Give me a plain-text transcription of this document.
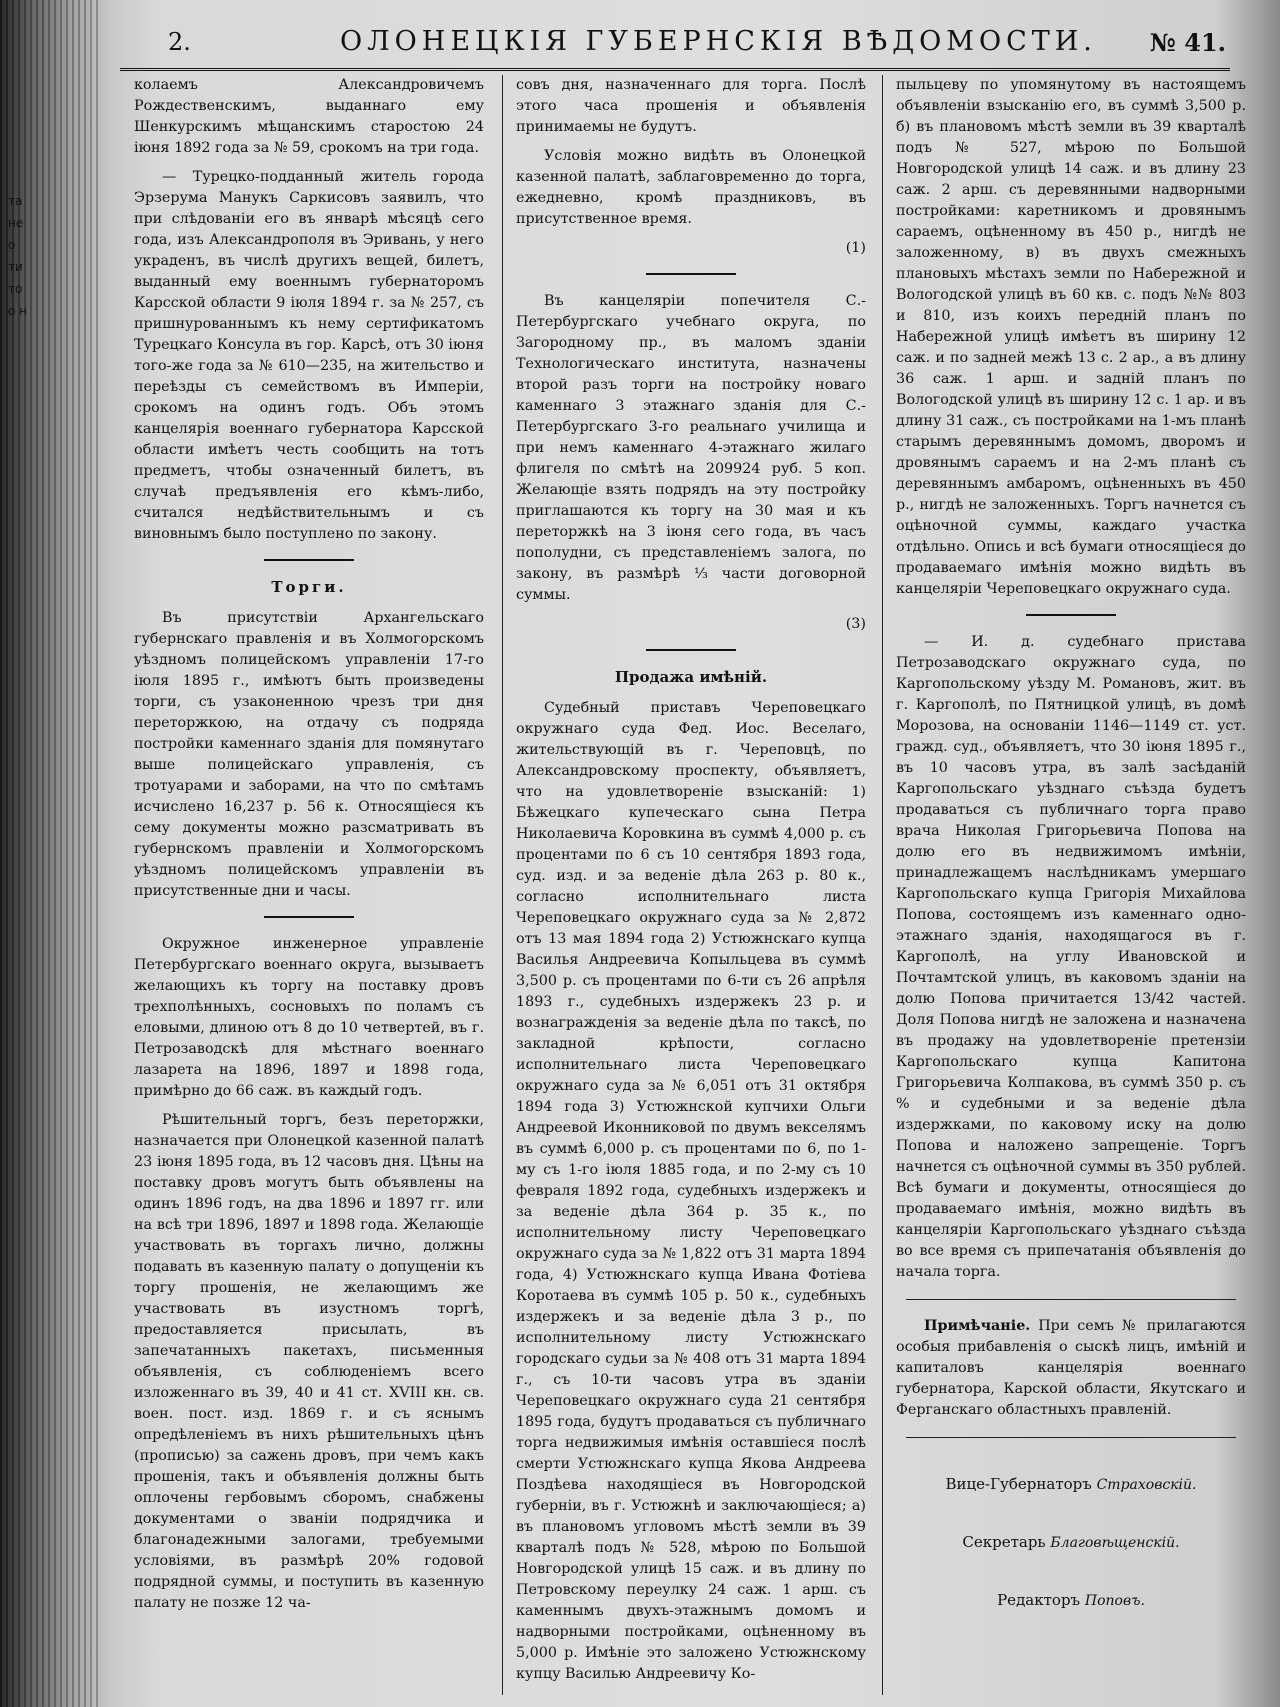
та не о ти то о н
2.	ОЛОНЕЦКІЯ ГУБЕРНСКІЯ ВѢДОМОСТИ. № 41.

колаемъ Александровичемъ Рождественскимъ, выданнаго ему Шенкурскимъ мѣщанскимъ старостою 24 іюня 1892 года за № 59, срокомъ на три года.

— Турецко-подданный житель города Эрзерума Манукъ Саркисовъ заявилъ, что при слѣдованіи его въ январѣ мѣсяцѣ сего года, изъ Александрополя въ Эривань, у него украденъ, въ числѣ другихъ вещей, билетъ, выданный ему военнымъ губернаторомъ Карсской области 9 іюля 1894 г. за № 257, съ пришнурованнымъ къ нему сертификатомъ Турецкаго Консула въ гор. Карсѣ, отъ 30 іюня того-же года за № 610—235, на жительство и переѣзды съ семействомъ въ Имперіи, срокомъ на одинъ годъ. Объ этомъ канцелярія военнаго губернатора Карсской области имѣетъ честь сообщить на тотъ предметъ, чтобы означенный билетъ, въ случаѣ предъявленія его кѣмъ-либо, считался недѣйствительнымъ и съ виновнымъ было поступлено по закону.

Торги.

Въ присутствіи Архангельскаго губернскаго правленія и въ Холмогорскомъ уѣздномъ полицейскомъ управленіи 17-го іюля 1895 г., имѣютъ быть произведены торги, съ узаконенною чрезъ три дня переторжкою, на отдачу съ подряда постройки каменнаго зданія для помянутаго выше полицейскаго управленія, съ тротуарами и заборами, на что по смѣтамъ исчислено 16,237 р. 56 к. Относящіеся къ сему документы можно разсматривать въ губернскомъ правленіи и Холмогорскомъ уѣздномъ полицейскомъ управленіи въ присутственные дни и часы.

Окружное инженерное управленіе Петербургскаго военнаго округа, вызываетъ желающихъ къ торгу на поставку дровъ трехполѣнныхъ, сосновыхъ по поламъ съ еловыми, длиною отъ 8 до 10 четвертей, въ г. Петрозаводскѣ для мѣстнаго военнаго лазарета на 1896, 1897 и 1898 года, примѣрно до 66 саж. въ каждый годъ.

Рѣшительный торгъ, безъ переторжки, назначается при Олонецкой казенной палатѣ 23 іюня 1895 года, въ 12 часовъ дня. Цѣны на поставку дровъ могутъ быть объявлены на одинъ 1896 годъ, на два 1896 и 1897 гг. или на всѣ три 1896, 1897 и 1898 года. Желающіе участвовать въ торгахъ лично, должны подавать въ казенную палату о допущеніи къ торгу прошенія, не желающимъ же участвовать въ изустномъ торгѣ, предоставляется присылать, въ запечатанныхъ пакетахъ, письменныя объявленія, съ соблюденіемъ всего изложеннаго въ 39, 40 и 41 ст. XVIII кн. св. воен. пост. изд. 1869 г. и съ яснымъ опредѣленіемъ въ нихъ рѣшительныхъ цѣнъ (прописью) за сажень дровъ, при чемъ какъ прошенія, такъ и объявленія должны быть оплочены гербовымъ сборомъ, снабжены документами о званіи подрядчика и благонадежными залогами, требуемыми условіями, въ размѣрѣ 20% годовой подрядной суммы, и поступить въ казенную палату не позже 12 ча-

совъ дня, назначеннаго для торга. Послѣ этого часа прошенія и объявленія принимаемы не будутъ.

Условія можно видѣть въ Олонецкой казенной палатѣ, заблаговременно до торга, ежедневно, кромѣ праздниковъ, въ присутственное время.

(1)

Въ канцеляріи попечителя С.-Петербургскаго учебнаго округа, по Загородному пр., въ маломъ зданіи Технологическаго института, назначены второй разъ торги на постройку новаго каменнаго 3 этажнаго зданія для С.-Петербургскаго 3-го реальнаго училища и при немъ каменнаго 4-этажнаго жилаго флигеля по смѣтѣ на 209924 руб. 5 коп. Желающіе взять подрядъ на эту постройку приглашаются къ торгу на 30 мая и къ переторжкѣ на 3 іюня сего года, въ часъ пополудни, съ представленіемъ залога, по закону, въ размѣрѣ ⅓ части договорной суммы.

(3)
Продажа имѣній.

Судебный приставъ Череповецкаго окружнаго суда Фед. Иос. Веселаго, жительствующій въ г. Череповцѣ, по Александровскому проспекту, объявляетъ, что на удовлетвореніе взысканій: 1) Бѣжецкаго купеческаго сына Петра Николаевича Коровкина въ суммѣ 4,000 р. съ процентами по 6 съ 10 сентября 1893 года, суд. изд. и за веденіе дѣла 263 р. 80 к., согласно исполнительнаго листа Череповецкаго окружнаго суда за № 2,872 отъ 13 мая 1894 года 2) Устюжнскаго купца Василья Андреевича Копыльцева въ суммѣ 3,500 р. съ процентами по 6-ти съ 26 апрѣля 1893 г., судебныхъ издержекъ 23 р. и вознагражденія за веденіе дѣла по таксѣ, по закладной крѣпости, согласно исполнительнаго листа Череповецкаго окружнаго суда за № 6,051 отъ 31 октября 1894 года 3) Устюжнской купчихи Ольги Андреевой Иконниковой по двумъ векселямъ въ суммѣ 6,000 р. съ процентами по 6, по 1-му съ 1-го іюля 1885 года, и по 2-му съ 10 февраля 1892 года, судебныхъ издержекъ и за веденіе дѣла 364 р. 35 к., по исполнительному листу Череповецкаго окружнаго суда за № 1,822 отъ 31 марта 1894 года, 4) Устюжнскаго купца Ивана Фотіева Коротаева въ суммѣ 105 р. 50 к., судебныхъ издержекъ и за веденіе дѣла 3 р., по исполнительному листу Устюжнскаго городскаго судьи за № 408 отъ 31 марта 1894 г., съ 10-ти часовъ утра въ зданіи Череповецкаго окружнаго суда 21 сентября 1895 года, будутъ продаваться съ публичнаго торга недвижимыя имѣнія оставшіеся послѣ смерти Устюжнскаго купца Якова Андреева Поздѣева находящіеся въ Новгородской губерніи, въ г. Устюжнѣ и заключающіеся; а) въ плановомъ угловомъ мѣстѣ земли въ 39 кварталѣ подъ № 528, мѣрою по Большой Новгородской улицѣ 15 саж. и въ длину по Петровскому переулку 24 саж. 1 арш. съ каменнымъ двухъ-этажнымъ домомъ и надворными постройками, оцѣненному въ 5,000 р. Имѣніе это заложено Устюжнскому купцу Василью Андреевичу Ко-

пыльцеву по упомянутому въ настоящемъ объявленіи взысканію его, въ суммѣ 3,500 р. б) въ плановомъ мѣстѣ земли въ 39 кварталѣ подъ № 527, мѣрою по Большой Новгородской улицѣ 14 саж. и въ длину 23 саж. 2 арш. съ деревянными надворными постройками: каретникомъ и дровянымъ сараемъ, оцѣненному въ 450 р., нигдѣ не заложенному, в) въ двухъ смежныхъ плановыхъ мѣстахъ земли по Набережной и Вологодской улицѣ въ 60 кв. с. подъ №№ 803 и 810, изъ коихъ передній планъ по Набережной улицѣ имѣетъ въ ширину 12 саж. и по задней межѣ 13 с. 2 ар., а въ длину 36 саж. 1 арш. и задній планъ по Вологодской улицѣ въ ширину 12 с. 1 ар. и въ длину 31 саж., съ постройками на 1-мъ планѣ старымъ деревяннымъ домомъ, дворомъ и дровянымъ сараемъ и на 2-мъ планѣ съ деревяннымъ амбаромъ, оцѣненныхъ въ 450 р., нигдѣ не заложенныхъ. Торгъ начнется съ оцѣночной суммы, каждаго участка отдѣльно. Опись и всѣ бумаги относящіеся до продаваемаго имѣнія можно видѣть въ канцеляріи Череповецкаго окружнаго суда.

— И. д. судебнаго пристава Петрозаводскаго окружнаго суда, по Каргопольскому уѣзду М. Романовъ, жит. въ г. Каргополѣ, по Пятницкой улицѣ, въ домѣ Морозова, на основаніи 1146—1149 ст. уст. гражд. суд., объявляетъ, что 30 іюня 1895 г., въ 10 часовъ утра, въ залѣ засѣданій Каргопольскаго уѣзднаго съѣзда будетъ продаваться съ публичнаго торга право врача Николая Григорьевича Попова на долю его въ недвижимомъ имѣніи, принадлежащемъ наслѣдникамъ умершаго Каргопольскаго купца Григорія Михайлова Попова, состоящемъ изъ каменнаго одно-этажнаго зданія, находящагося въ г. Каргополѣ, на углу Ивановской и Почтамтской улицъ, въ каковомъ зданіи на долю Попова причитается 13/42 частей. Доля Попова нигдѣ не заложена и назначена въ продажу на удовлетвореніе претензіи Каргопольскаго купца Капитона Григорьевича Колпакова, въ суммѣ 350 р. съ % и судебными и за веденіе дѣла издержками, по каковому иску на долю Попова и наложено запрещеніе. Торгъ начнется съ оцѣночной суммы въ 350 рублей. Всѣ бумаги и документы, относящіеся до продаваемаго имѣнія, можно видѣть въ канцеляріи Каргопольскаго уѣзднаго съѣзда во все время съ припечатанія объявленія до начала торга.

Примѣчаніе. При семъ № прилагаются особыя прибавленія о сыскѣ лицъ, имѣній и капиталовъ канцелярія военнаго губернатора, Карской области, Якутскаго и Ферганскаго областныхъ правленій.

Вице-Губернаторъ Страховскій.

Секретарь Благовѣщенскій.

Редакторъ Поповъ.
